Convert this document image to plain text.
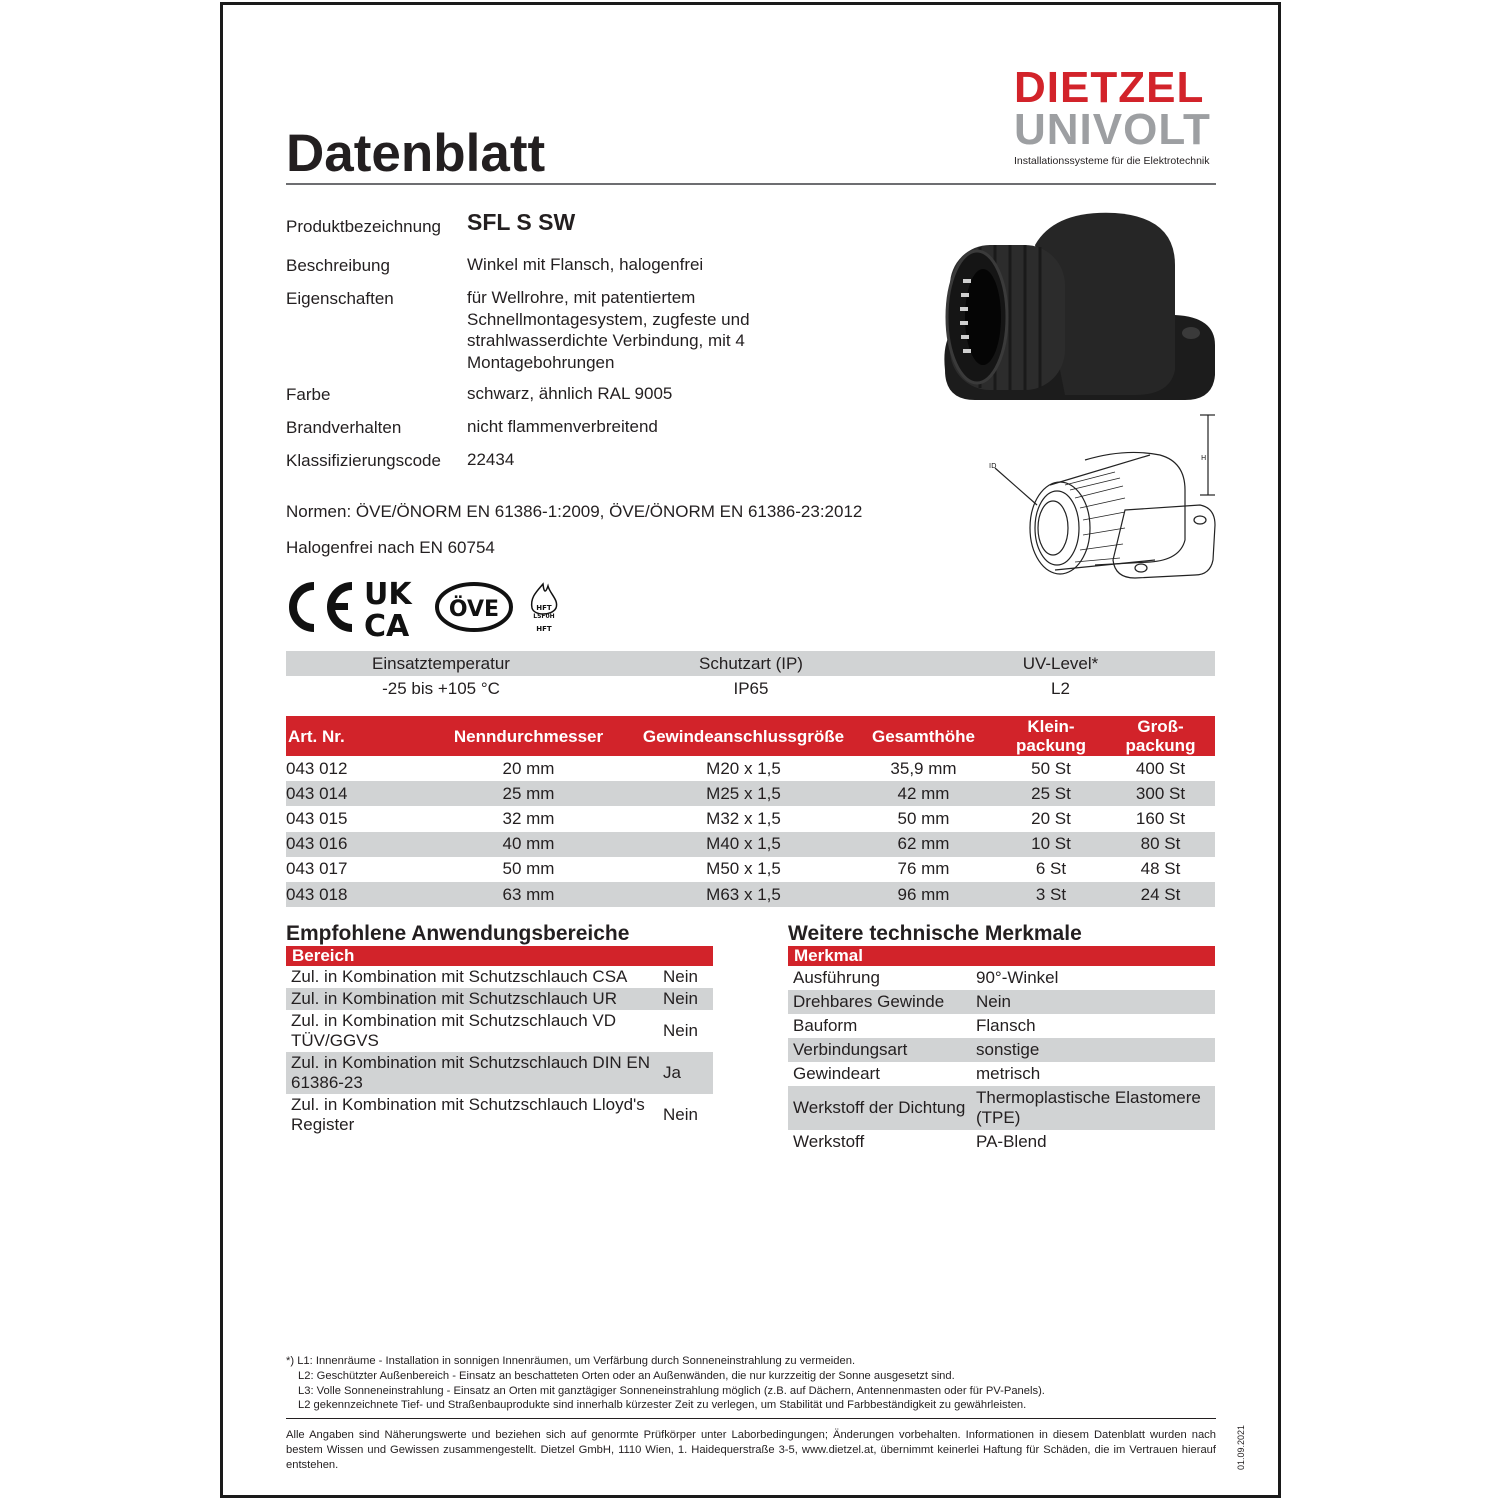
Datenblatt
DIETZEL
UNIVOLT
Installationssysteme für die Elektrotechnik
Produktbezeichnung SFL S SW
Beschreibung	Winkel mit Flansch, halogenfrei
Eigenschaften	für Wellrohre, mit patentiertem Schnellmontagesystem, zugfeste und strahlwasserdichte Verbindung, mit 4 Montagebohrungen
Farbe	schwarz, ähnlich RAL 9005
Brandverhalten	nicht flammenverbreitend
Klassifizierungscode 22434
Normen: ÖVE/ÖNORM EN 61386-1:2009, ÖVE/ÖNORM EN 61386-23:2012
Halogenfrei nach EN 60754
UK
CA ÖVE	HFT
LSF0H
HFT
ID
H
Einsatztemperatur	Schutzart (IP)	UV-Level*
-25 bis +105 °C	IP65	L2
Art. Nr.	Nenndurchmesser	Gewindeanschlussgröße	Gesamthöhe	Klein-packung	Groß-packung
043 012	20 mm	M20 x 1,5	35,9 mm	50 St	400 St
043 014	25 mm	M25 x 1,5	42 mm	25 St	300 St
043 015	32 mm	M32 x 1,5	50 mm	20 St	160 St
043 016	40 mm	M40 x 1,5	62 mm	10 St	80 St
043 017	50 mm	M50 x 1,5	76 mm	6 St	48 St
043 018	63 mm	M63 x 1,5	96 mm	3 St	24 St
Empfohlene Anwendungsbereiche
Bereich
Zul. in Kombination mit Schutzschlauch CSA	Nein
Zul. in Kombination mit Schutzschlauch UR	Nein
Zul. in Kombination mit Schutzschlauch VD TÜV/GGVS	Nein
Zul. in Kombination mit Schutzschlauch DIN EN 61386-23	Ja
Zul. in Kombination mit Schutzschlauch Lloyd's Register	Nein
Weitere technische Merkmale
Merkmal
Ausführung	90°-Winkel
Drehbares Gewinde	Nein
Bauform	Flansch
Verbindungsart	sonstige
Gewindeart	metrisch
Werkstoff der Dichtung	Thermoplastische Elastomere (TPE)
Werkstoff	PA-Blend
*) L1: Innenräume - Installation in sonnigen Innenräumen, um Verfärbung durch Sonneneinstrahlung zu vermeiden.
L2: Geschützter Außenbereich - Einsatz an beschatteten Orten oder an Außenwänden, die nur kurzzeitig der Sonne ausgesetzt sind.
L3: Volle Sonneneinstrahlung - Einsatz an Orten mit ganztägiger Sonneneinstrahlung möglich (z.B. auf Dächern, Antennenmasten oder für PV-Panels).
L2 gekennzeichnete Tief- und Straßenbauprodukte sind innerhalb kürzester Zeit zu verlegen, um Stabilität und Farbbeständigkeit zu gewährleisten.
Alle Angaben sind Näherungswerte und beziehen sich auf genormte Prüfkörper unter Laborbedingungen; Änderungen vorbehalten. Informationen in diesem Datenblatt wurden nach bestem Wissen und Gewissen zusammengestellt. Dietzel GmbH, 1110 Wien, 1. Haidequerstraße 3-5, www.dietzel.at, übernimmt keinerlei Haftung für Schäden, die im Vertrauen hierauf entstehen.	01.09.2021
